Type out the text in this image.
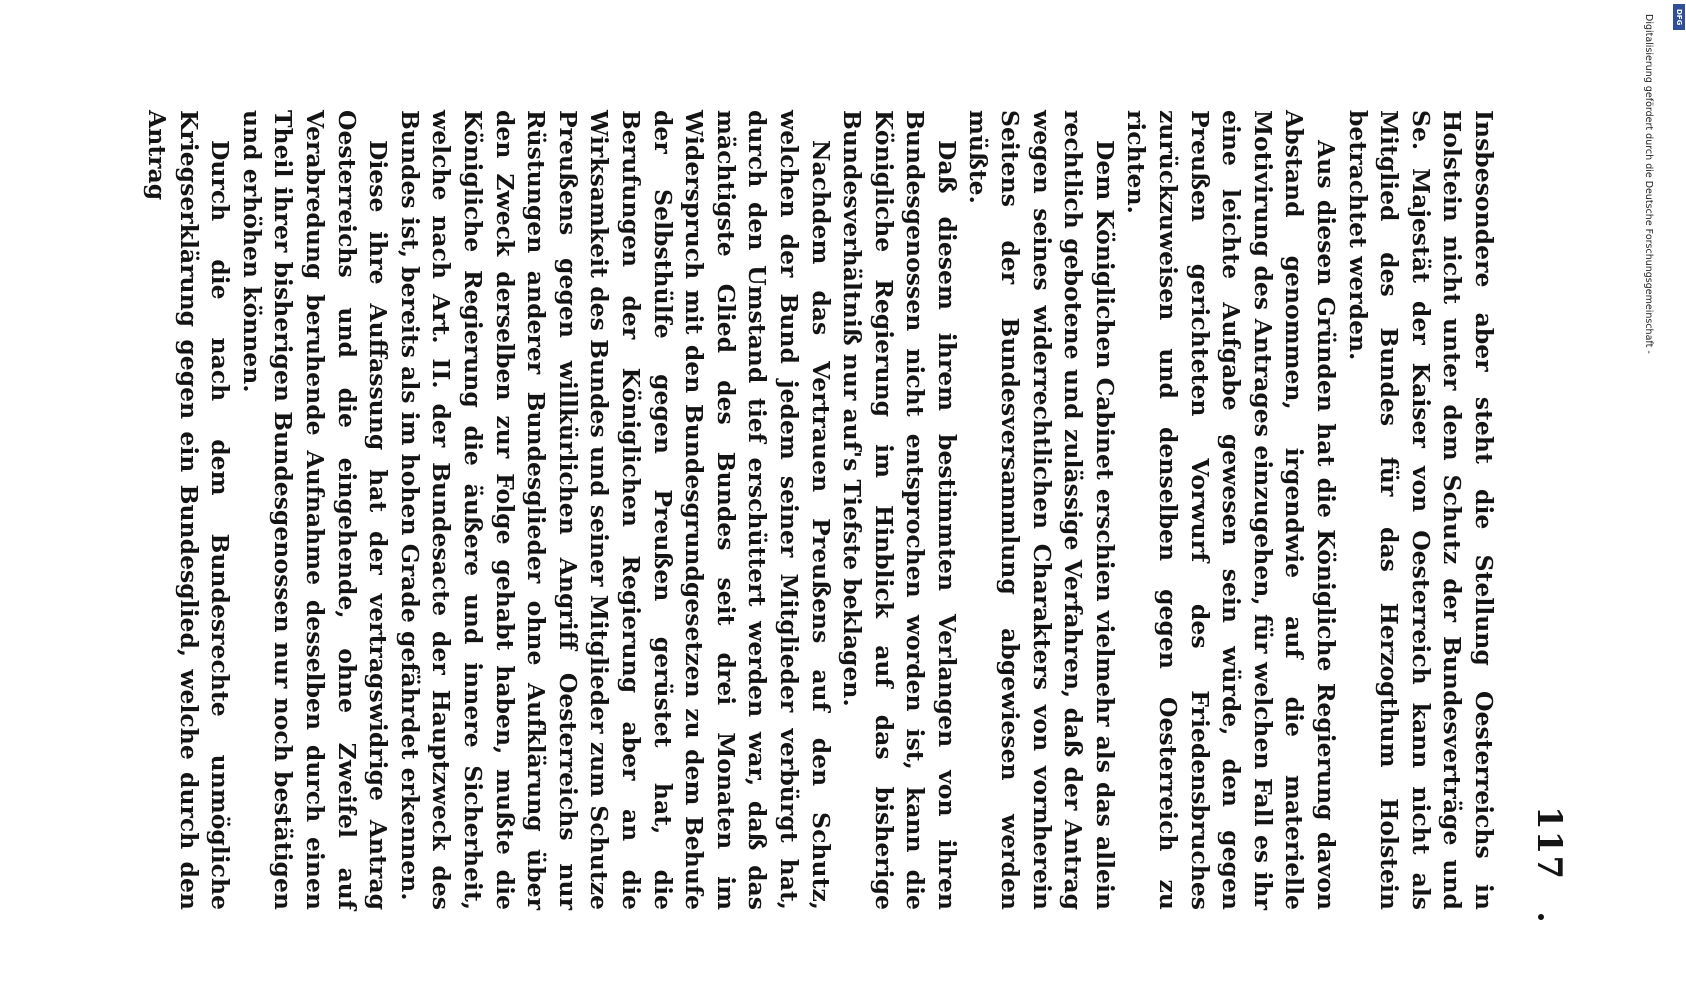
117

Insbesondere aber steht die Stellung Oesterreichs in Holstein nicht unter dem Schutz der Bundesverträge und Se. Majestät der Kaiser von Oesterreich kann nicht als Mitglied des Bundes für das Herzogthum Holstein betrachtet werden.

Aus diesen Gründen hat die Königliche Regierung davon Abstand genommen, irgendwie auf die materielle Motivirung des Antrages einzugehen, für welchen Fall es ihr eine leichte Aufgabe gewesen sein würde, den gegen Preußen gerichteten Vorwurf des Friedensbruches zurückzuweisen und denselben gegen Oesterreich zu richten.

Dem Königlichen Cabinet erschien vielmehr als das allein rechtlich gebotene und zulässige Verfahren, daß der Antrag wegen seines widerrechtlichen Charakters von vornherein Seitens der Bundesversammlung abgewiesen werden müßte.

Daß diesem ihrem bestimmten Verlangen von ihren Bundesgenossen nicht entsprochen worden ist, kann die Königliche Regierung im Hinblick auf das bisherige Bundesverhältniß nur auf's Tiefste beklagen.

Nachdem das Vertrauen Preußens auf den Schutz, welchen der Bund jedem seiner Mitglieder verbürgt hat, durch den Umstand tief erschüttert werden war, daß das mächtigste Glied des Bundes seit drei Monaten im Widerspruch mit den Bundesgrundgesetzen zu dem Behufe der Selbsthülfe gegen Preußen gerüstet hat, die Berufungen der Königlichen Regierung aber an die Wirksamkeit des Bundes und seiner Mitglieder zum Schutze Preußens gegen willkürlichen Angriff Oesterreichs nur Rüstungen anderer Bundesglieder ohne Aufklärung über den Zweck derselben zur Folge gehabt haben, mußte die Königliche Regierung die äußere und innere Sicherheit, welche nach Art. II. der Bundesacte der Hauptzweck des Bundes ist, bereits als im hohen Grade gefährdet erkennen.

Diese ihre Auffassung hat der vertragswidrige Antrag Oesterreichs und die eingehende, ohne Zweifel auf Verabredung beruhende Aufnahme desselben durch einen Theil ihrer bisherigen Bundesgenossen nur noch bestätigen und erhöhen können.

Durch die nach dem Bundesrechte unmögliche Kriegserklärung gegen ein Bundesglied, welche durch den Antrag	Digitalisierung gefördert durch die Deutsche Forschungsgemeinschaft -	DFG
